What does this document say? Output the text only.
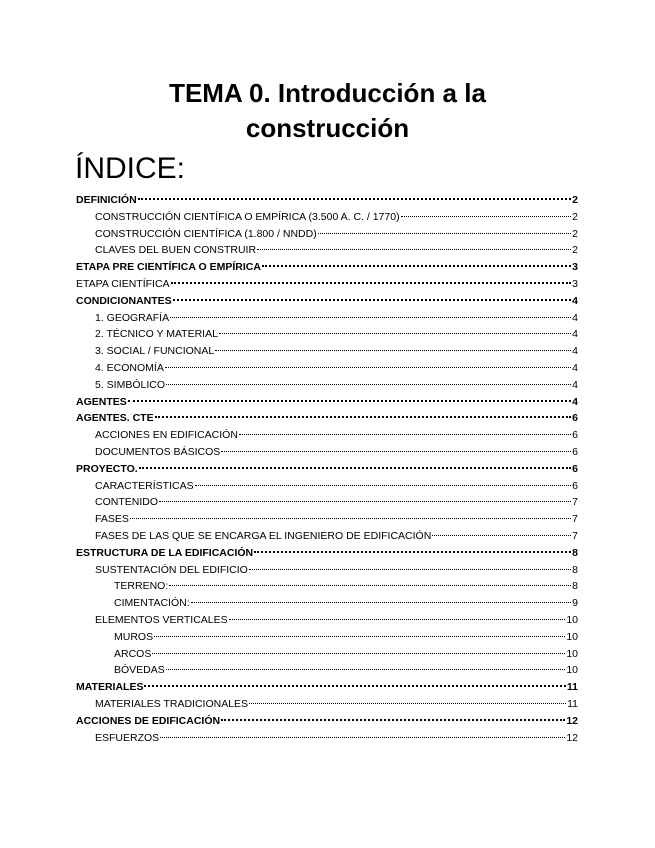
TEMA 0. Introducción a la
construcción
ÍNDICE:
DEFINICIÓN	2
CONSTRUCCIÓN CIENTÍFICA O EMPÍRICA (3.500 A. C. / 1770)	2
CONSTRUCCIÓN CIENTÍFICA (1.800 / NNDD)	2
CLAVES DEL BUEN CONSTRUIR	2
ETAPA PRE CIENTÍFICA O EMPÍRICA	3
ETAPA CIENTÍFICA	3
CONDICIONANTES	4
1. GEOGRAFÍA	4
2. TÉCNICO Y MATERIAL	4
3. SOCIAL / FUNCIONAL	4
4. ECONOMÍA	4
5. SIMBÓLICO	4
AGENTES	4
AGENTES. CTE	6
ACCIONES EN EDIFICACIÓN	6
DOCUMENTOS BÁSICOS	6
PROYECTO.	6
CARACTERÍSTICAS	6
CONTENIDO	7
FASES	7
FASES DE LAS QUE SE ENCARGA EL INGENIERO DE EDIFICACIÓN	7
ESTRUCTURA DE LA EDIFICACIÓN	8
SUSTENTACIÓN DEL EDIFICIO	8
TERRENO:	8
CIMENTACIÓN:	9
ELEMENTOS VERTICALES	10
MUROS	10
ARCOS	10
BÓVEDAS	10
MATERIALES	11
MATERIALES TRADICIONALES	11
ACCIONES DE EDIFICACIÓN	12
ESFUERZOS	12
